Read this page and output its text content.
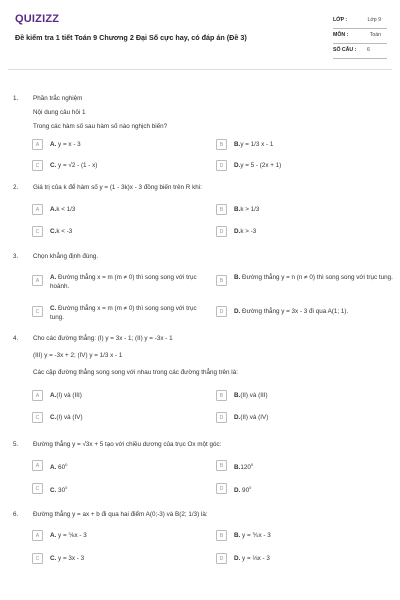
QUIZIZZ
Đề kiểm tra 1 tiết Toán 9 Chương 2 Đại Số cực hay, có đáp án (Đề 3)
LỚP :	Lớp 9
MÔN :	Toán
SỐ CÂU : 6
1. Phần trắc nghiệm
Nội dung câu hỏi 1
Trong các hàm số sau hàm số nào nghịch biến?
A	A. y = x - 3	B	B.y = 1/3 x - 1
C	C. y = √2 - (1 - x)	D	D.y = 5 - (2x + 1)
2. Giá trị của k để hàm số y = (1 - 3k)x - 3 đồng biến trên R khi:
A	A.k < 1/3	B	B.k > 1/3
C	C.k < -3	D	D.k > -3
3. Chọn khẳng định đúng.
A	A. Đường thẳng x = m (m ≠ 0) thì song song với trục hoành.
B	B. Đường thẳng y = n (n ≠ 0) thì song song với trục tung.
C	C. Đường thẳng x = m (m ≠ 0) thì song song với trục tung.
D	D. Đường thẳng y = 3x - 3 đi qua A(1; 1).
4. Cho các đường thẳng: (I) y = 3x - 1; (II) y = -3x - 1
(III) y = -3x + 2; (IV) y = 1/3 x - 1
Các cặp đường thẳng song song với nhau trong các đường thẳng trên là:
A	A.(I) và (III)	B	B.(II) và (III)
C	C.(I) và (IV)	D	D.(II) và (IV)
5. Đường thẳng y = √3x + 5 tạo với chiều dương của trục Ox một góc:
A	A. $60^0$	B	B.120$^0$
C	C. $30^0$	D	D. $90^0$
6. Đường thẳng y = ax + b đi qua hai điểm A(0;-3) và B(2; 1/3) là:
A	A. y = ⅚x - 3	B	B. y = ⅗x - 3
C	C. y = 3x - 3	D	D. y = ⅓x - 3
